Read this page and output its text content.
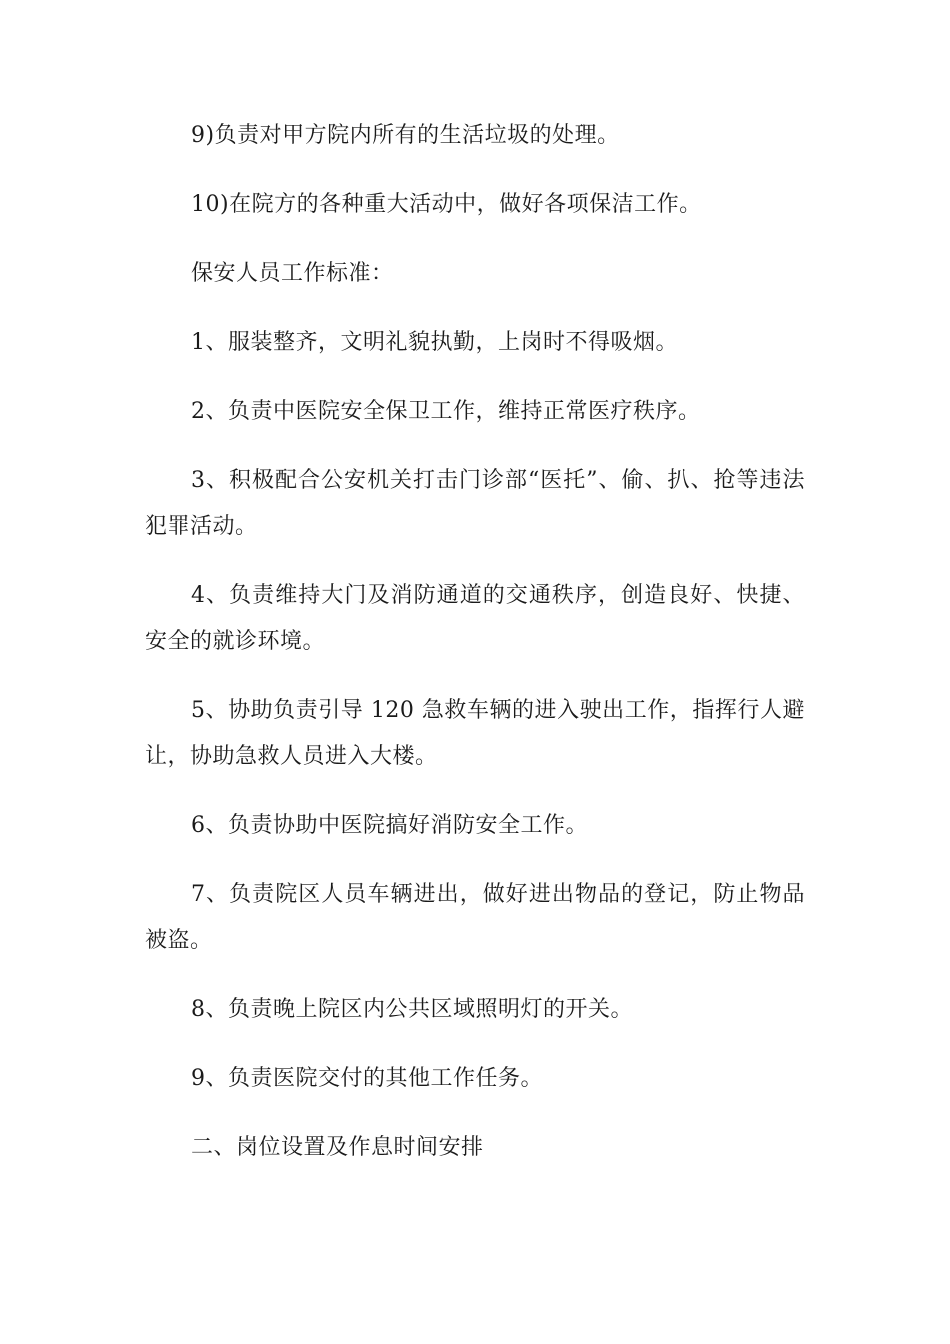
9)负责对甲方院内所有的生活垃圾的处理。

10)在院方的各种重大活动中，做好各项保洁工作。

保安人员工作标准：

1、服装整齐，文明礼貌执勤，上岗时不得吸烟。

2、负责中医院安全保卫工作，维持正常医疗秩序。

3、积极配合公安机关打击门诊部“医托”、偷、扒、抢等违法犯罪活动。

4、负责维持大门及消防通道的交通秩序，创造良好、快捷、安全的就诊环境。

5、协助负责引导 120 急救车辆的进入驶出工作，指挥行人避让，协助急救人员进入大楼。

6、负责协助中医院搞好消防安全工作。

7、负责院区人员车辆进出，做好进出物品的登记，防止物品被盗。

8、负责晚上院区内公共区域照明灯的开关。

9、负责医院交付的其他工作任务。

二、岗位设置及作息时间安排
